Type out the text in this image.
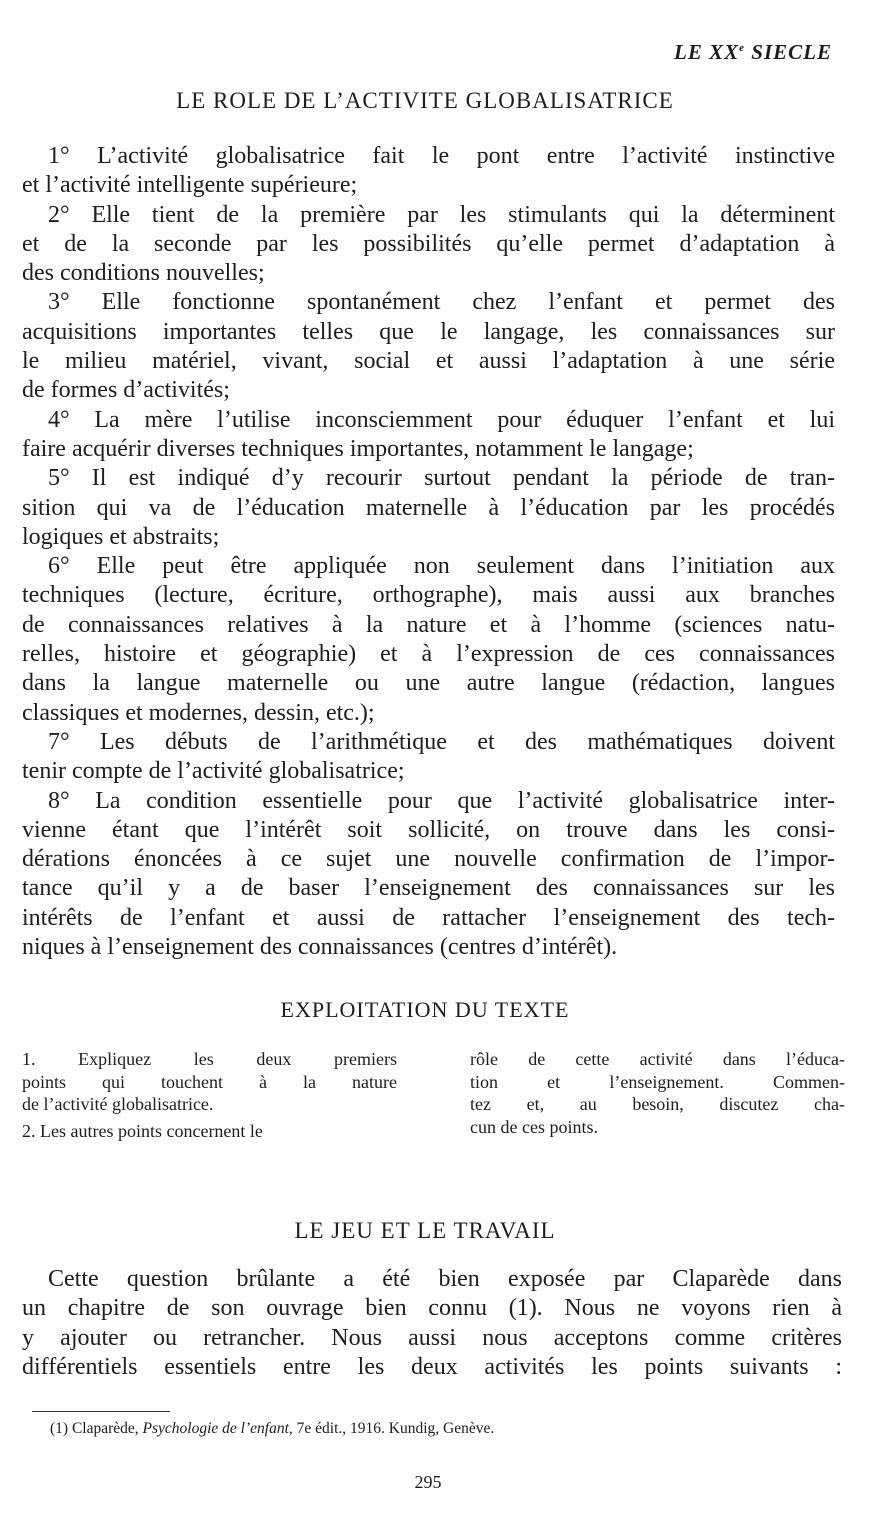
LE XXe SIECLE
LE ROLE DE L’ACTIVITE GLOBALISATRICE
1° L’activité globalisatrice fait le pont entre l’activité instinctive
et l’activité intelligente supérieure;
2° Elle tient de la première par les stimulants qui la déterminent
et de la seconde par les possibilités qu’elle permet d’adaptation à
des conditions nouvelles;
3° Elle fonctionne spontanément chez l’enfant et permet des
acquisitions importantes telles que le langage, les connaissances sur
le milieu matériel, vivant, social et aussi l’adaptation à une série
de formes d’activités;
4° La mère l’utilise inconsciemment pour éduquer l’enfant et lui
faire acquérir diverses techniques importantes, notamment le langage;
5° Il est indiqué d’y recourir surtout pendant la période de tran-
sition qui va de l’éducation maternelle à l’éducation par les procédés
logiques et abstraits;
6° Elle peut être appliquée non seulement dans l’initiation aux
techniques (lecture, écriture, orthographe), mais aussi aux branches
de connaissances relatives à la nature et à l’homme (sciences natu-
relles, histoire et géographie) et à l’expression de ces connaissances
dans la langue maternelle ou une autre langue (rédaction, langues
classiques et modernes, dessin, etc.);
7° Les débuts de l’arithmétique et des mathématiques doivent
tenir compte de l’activité globalisatrice;
8° La condition essentielle pour que l’activité globalisatrice inter-
vienne étant que l’intérêt soit sollicité, on trouve dans les consi-
dérations énoncées à ce sujet une nouvelle confirmation de l’impor-
tance qu’il y a de baser l’enseignement des connaissances sur les
intérêts de l’enfant et aussi de rattacher l’enseignement des tech-
niques à l’enseignement des connaissances (centres d’intérêt).
EXPLOITATION DU TEXTE
1. Expliquez les deux premiers
points qui touchent à la nature
de l’activité globalisatrice.
2. Les autres points concernent le
rôle de cette activité dans l’éduca-
tion et l’enseignement. Commen-
tez et, au besoin, discutez cha-
cun de ces points.
LE JEU ET LE TRAVAIL
Cette question brûlante a été bien exposée par Claparède dans
un chapitre de son ouvrage bien connu (1). Nous ne voyons rien à
y ajouter ou retrancher. Nous aussi nous acceptons comme critères
différentiels essentiels entre les deux activités les points suivants :
(1) Claparède, Psychologie de l’enfant, 7e édit., 1916. Kundig, Genève.
295
